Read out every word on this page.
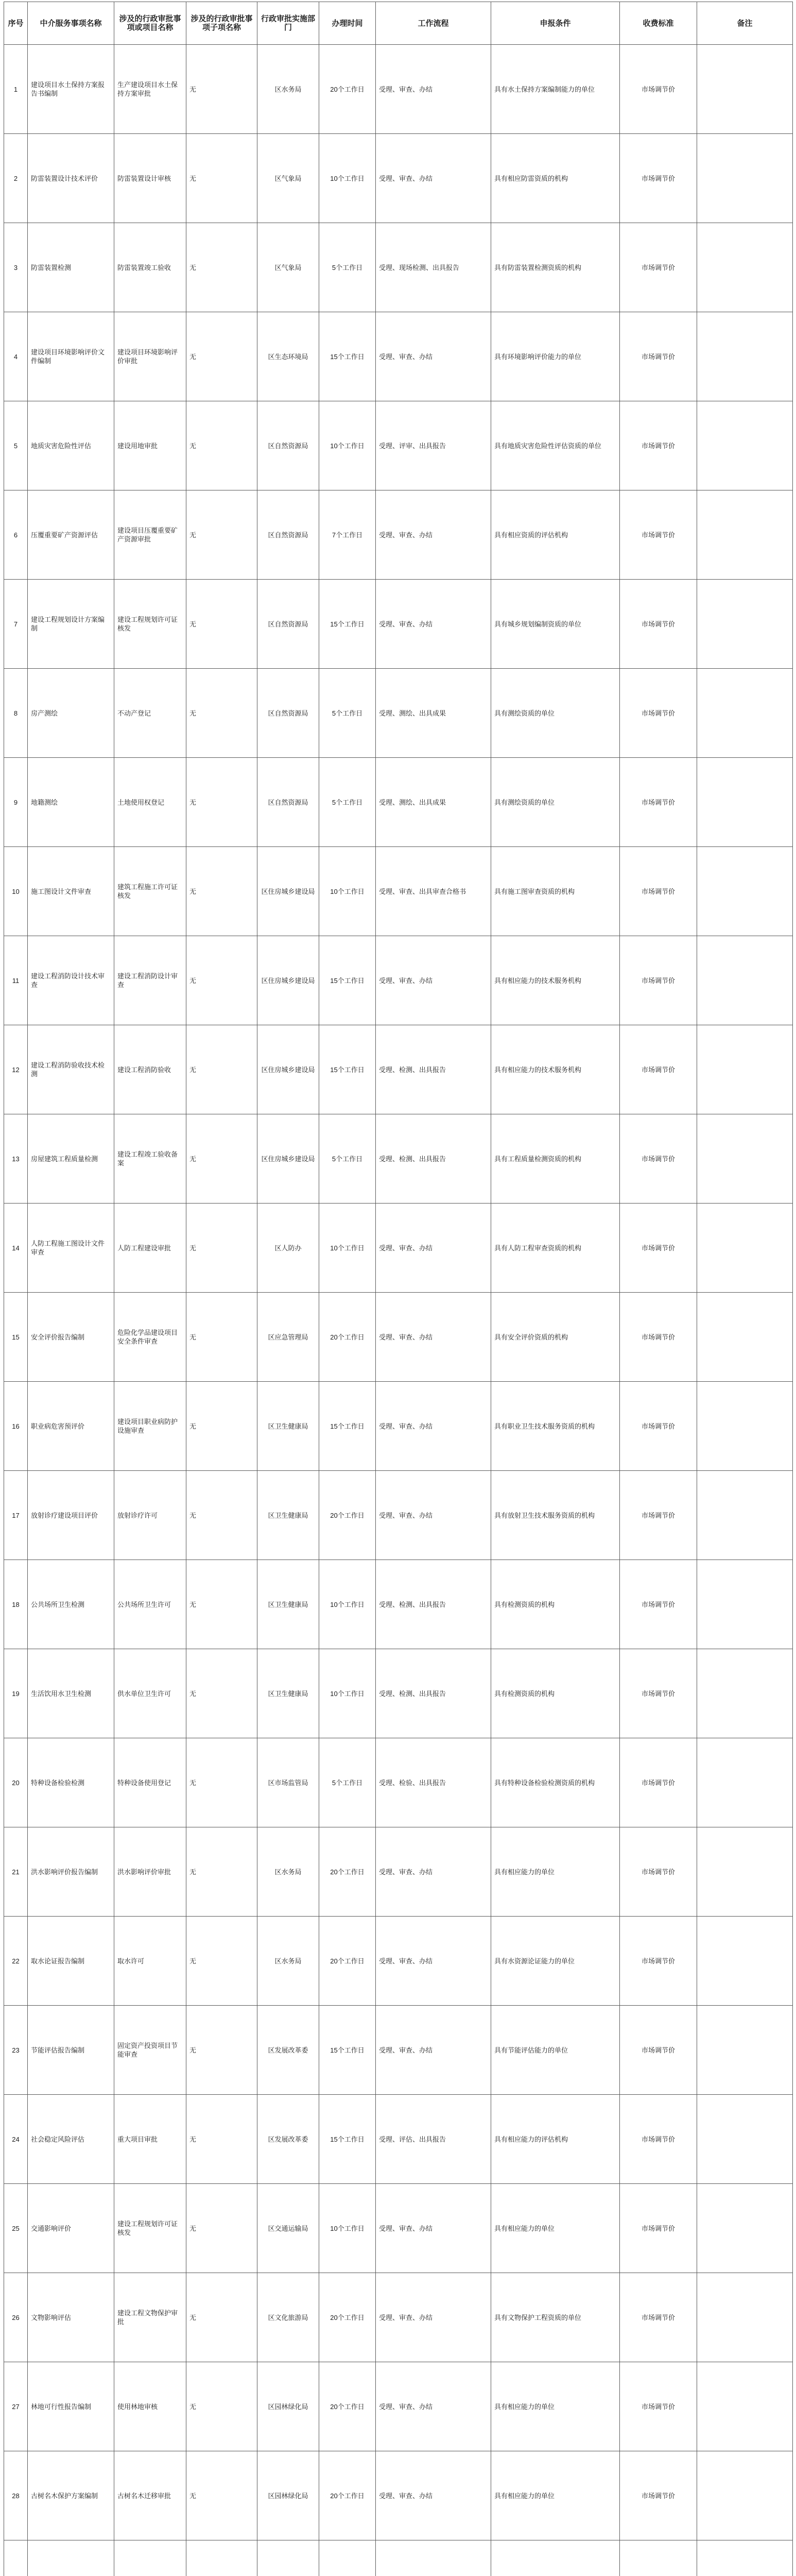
序号	中介服务事项名称	涉及的行政审批事项或项目名称	涉及的行政审批事项子项名称	行政审批实施部门	办理时间	工作流程	申报条件	收费标准	备注
1	建设项目水土保持方案报告书编制	生产建设项目水土保持方案审批	无	区水务局	20个工作日	受理、审查、办结	具有水土保持方案编制能力的单位	市场调节价	
2	防雷装置设计技术评价	防雷装置设计审核	无	区气象局	10个工作日	受理、审查、办结	具有相应防雷资质的机构	市场调节价	
3	防雷装置检测	防雷装置竣工验收	无	区气象局	5个工作日	受理、现场检测、出具报告	具有防雷装置检测资质的机构	市场调节价	
4	建设项目环境影响评价文件编制	建设项目环境影响评价审批	无	区生态环境局	15个工作日	受理、审查、办结	具有环境影响评价能力的单位	市场调节价	
5	地质灾害危险性评估	建设用地审批	无	区自然资源局	10个工作日	受理、评审、出具报告	具有地质灾害危险性评估资质的单位	市场调节价	
6	压覆重要矿产资源评估	建设项目压覆重要矿产资源审批	无	区自然资源局	7个工作日	受理、审查、办结	具有相应资质的评估机构	市场调节价	
7	建设工程规划设计方案编制	建设工程规划许可证核发	无	区自然资源局	15个工作日	受理、审查、办结	具有城乡规划编制资质的单位	市场调节价	
8	房产测绘	不动产登记	无	区自然资源局	5个工作日	受理、测绘、出具成果	具有测绘资质的单位	市场调节价	
9	地籍测绘	土地使用权登记	无	区自然资源局	5个工作日	受理、测绘、出具成果	具有测绘资质的单位	市场调节价	
10	施工图设计文件审查	建筑工程施工许可证核发	无	区住房城乡建设局	10个工作日	受理、审查、出具审查合格书	具有施工图审查资质的机构	市场调节价	
11	建设工程消防设计技术审查	建设工程消防设计审查	无	区住房城乡建设局	15个工作日	受理、审查、办结	具有相应能力的技术服务机构	市场调节价	
12	建设工程消防验收技术检测	建设工程消防验收	无	区住房城乡建设局	15个工作日	受理、检测、出具报告	具有相应能力的技术服务机构	市场调节价	
13	房屋建筑工程质量检测	建设工程竣工验收备案	无	区住房城乡建设局	5个工作日	受理、检测、出具报告	具有工程质量检测资质的机构	市场调节价	
14	人防工程施工图设计文件审查	人防工程建设审批	无	区人防办	10个工作日	受理、审查、办结	具有人防工程审查资质的机构	市场调节价	
15	安全评价报告编制	危险化学品建设项目安全条件审查	无	区应急管理局	20个工作日	受理、审查、办结	具有安全评价资质的机构	市场调节价	
16	职业病危害预评价	建设项目职业病防护设施审查	无	区卫生健康局	15个工作日	受理、审查、办结	具有职业卫生技术服务资质的机构	市场调节价	
17	放射诊疗建设项目评价	放射诊疗许可	无	区卫生健康局	20个工作日	受理、审查、办结	具有放射卫生技术服务资质的机构	市场调节价	
18	公共场所卫生检测	公共场所卫生许可	无	区卫生健康局	10个工作日	受理、检测、出具报告	具有检测资质的机构	市场调节价	
19	生活饮用水卫生检测	供水单位卫生许可	无	区卫生健康局	10个工作日	受理、检测、出具报告	具有检测资质的机构	市场调节价	
20	特种设备检验检测	特种设备使用登记	无	区市场监管局	5个工作日	受理、检验、出具报告	具有特种设备检验检测资质的机构	市场调节价	
21	洪水影响评价报告编制	洪水影响评价审批	无	区水务局	20个工作日	受理、审查、办结	具有相应能力的单位	市场调节价	
22	取水论证报告编制	取水许可	无	区水务局	20个工作日	受理、审查、办结	具有水资源论证能力的单位	市场调节价	
23	节能评估报告编制	固定资产投资项目节能审查	无	区发展改革委	15个工作日	受理、审查、办结	具有节能评估能力的单位	市场调节价	
24	社会稳定风险评估	重大项目审批	无	区发展改革委	15个工作日	受理、评估、出具报告	具有相应能力的评估机构	市场调节价	
25	交通影响评价	建设工程规划许可证核发	无	区交通运输局	10个工作日	受理、审查、办结	具有相应能力的单位	市场调节价	
26	文物影响评估	建设工程文物保护审批	无	区文化旅游局	20个工作日	受理、审查、办结	具有文物保护工程资质的单位	市场调节价	
27	林地可行性报告编制	使用林地审核	无	区园林绿化局	20个工作日	受理、审查、办结	具有相应能力的单位	市场调节价	
28	古树名木保护方案编制	古树名木迁移审批	无	区园林绿化局	20个工作日	受理、审查、办结	具有相应能力的单位	市场调节价	
